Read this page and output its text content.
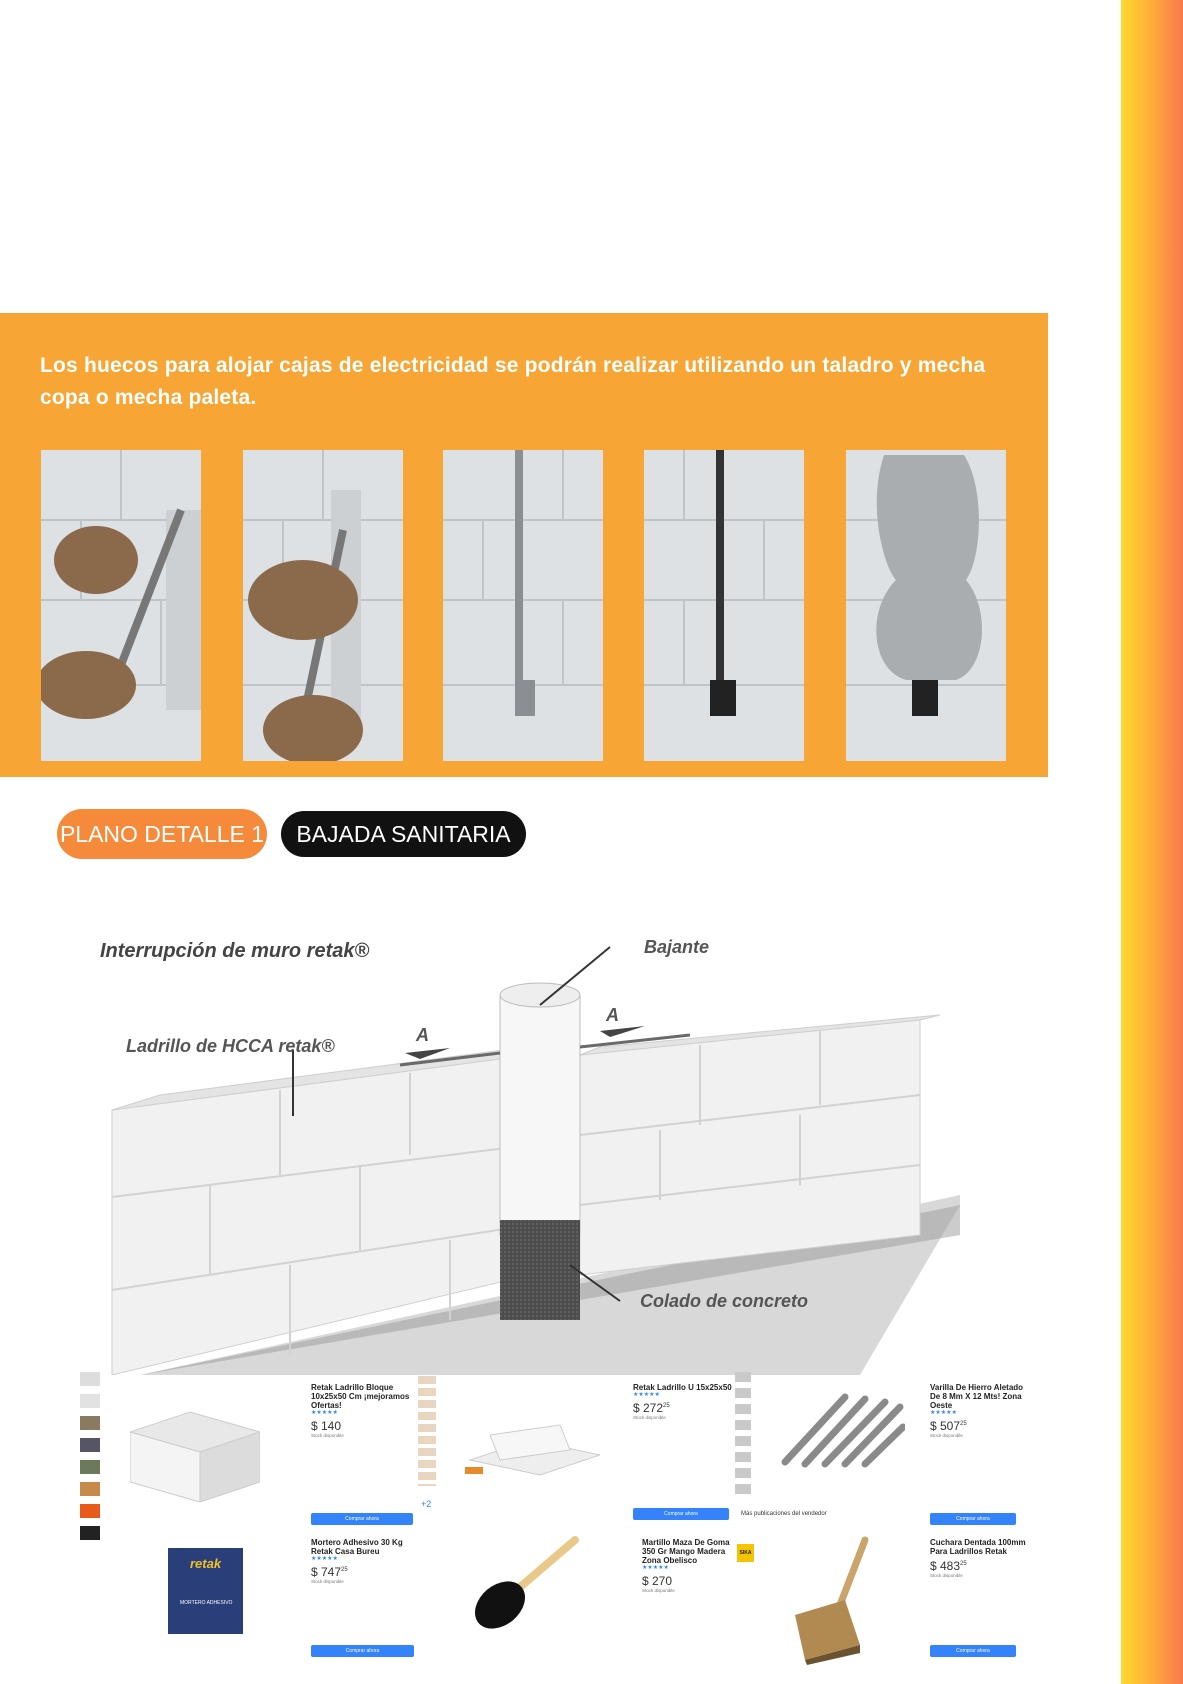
Los huecos para alojar cajas de electricidad se podrán realizar utilizando un taladro y mecha copa o mecha paleta.
PLANO DETALLE 1	BAJADA SANITARIA
Interrupción de muro retak®
Ladrillo de HCCA retak®
Bajante
A
A
Colado de concreto
Retak Ladrillo Bloque 10x25x50 Cm ¡mejoramos Ofertas!
★★★★★
$ 140
Stock disponible
Comprar ahora
+2
Retak Ladrillo U 15x25x50
★★★★★
$ $272^{25}$
Stock disponible
Comprar ahora	Más publicaciones del vendedor
Varilla De Hierro Aletado De 8 Mm X 12 Mts! Zona Oeste
★★★★★
$ $507^{25}$
Stock disponible
Comprar ahora
retak
MORTERO ADHESIVO
Mortero Adhesivo 30 Kg Retak Casa Bureu
★★★★★
$ $747^{25}$
Stock disponible
Comprar ahora
Martillo Maza De Goma 350 Gr Mango Madera Zona Obelisco
★★★★★
$ 270
Stock disponible
SIKA
Cuchara Dentada 100mm Para Ladrillos Retak
$ $483^{25}$
Stock disponible
Comprar ahora
